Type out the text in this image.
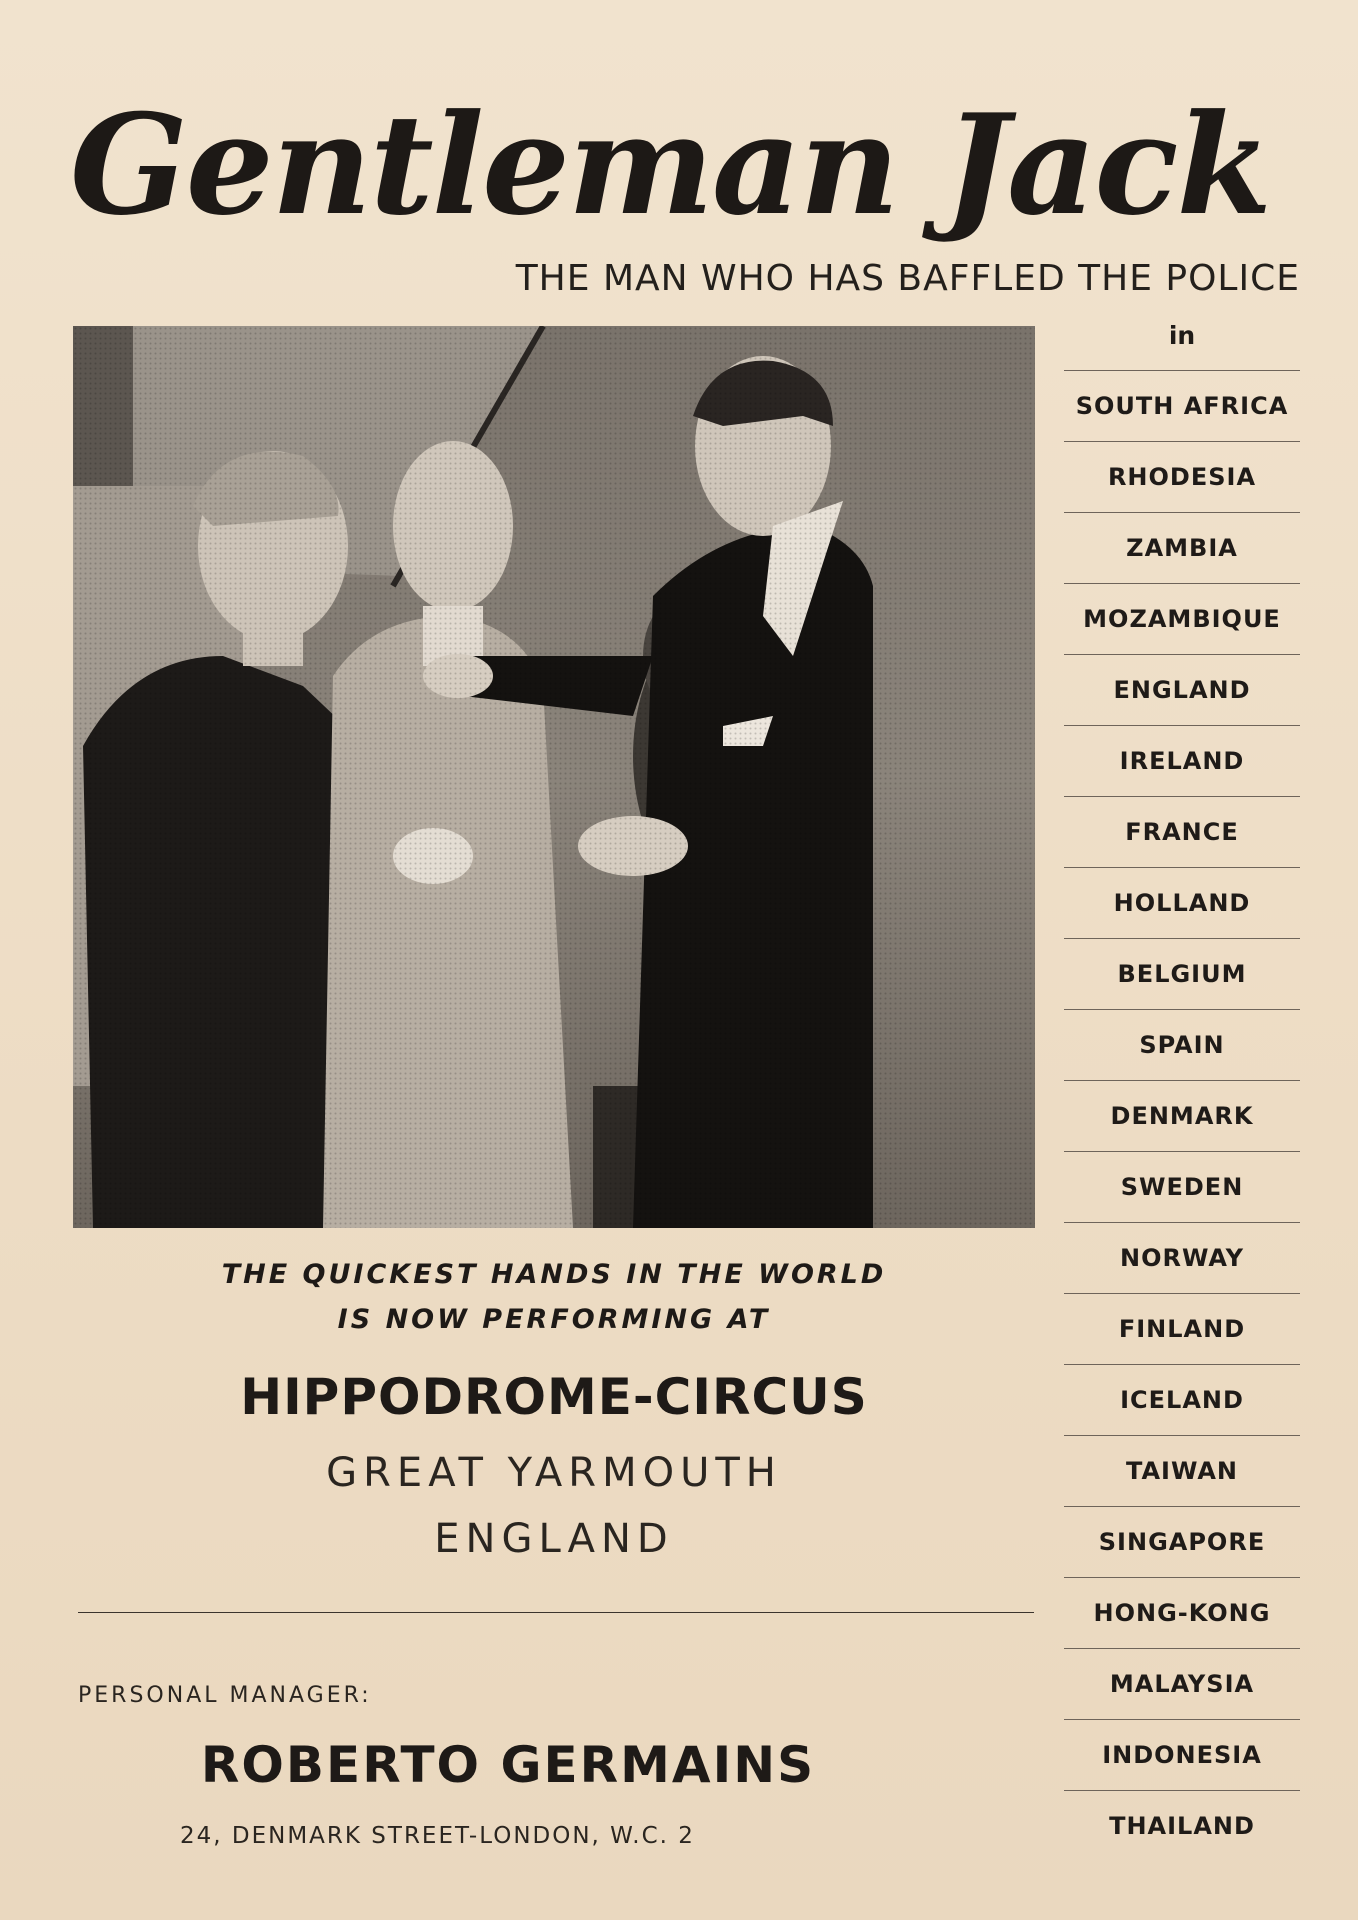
Gentleman Jack
THE MAN WHO HAS BAFFLED THE POLICE
in
SOUTH AFRICA
RHODESIA
ZAMBIA
MOZAMBIQUE
ENGLAND
IRELAND
FRANCE
HOLLAND
BELGIUM
SPAIN
DENMARK
SWEDEN
NORWAY
FINLAND
ICELAND
TAIWAN
SINGAPORE
HONG-KONG
MALAYSIA
INDONESIA
THAILAND
THE QUICKEST HANDS IN THE WORLD
IS NOW PERFORMING AT
HIPPODROME-CIRCUS
GREAT YARMOUTH
ENGLAND
PERSONAL MANAGER:
ROBERTO GERMAINS
24, DENMARK STREET-LONDON, W.C. 2
